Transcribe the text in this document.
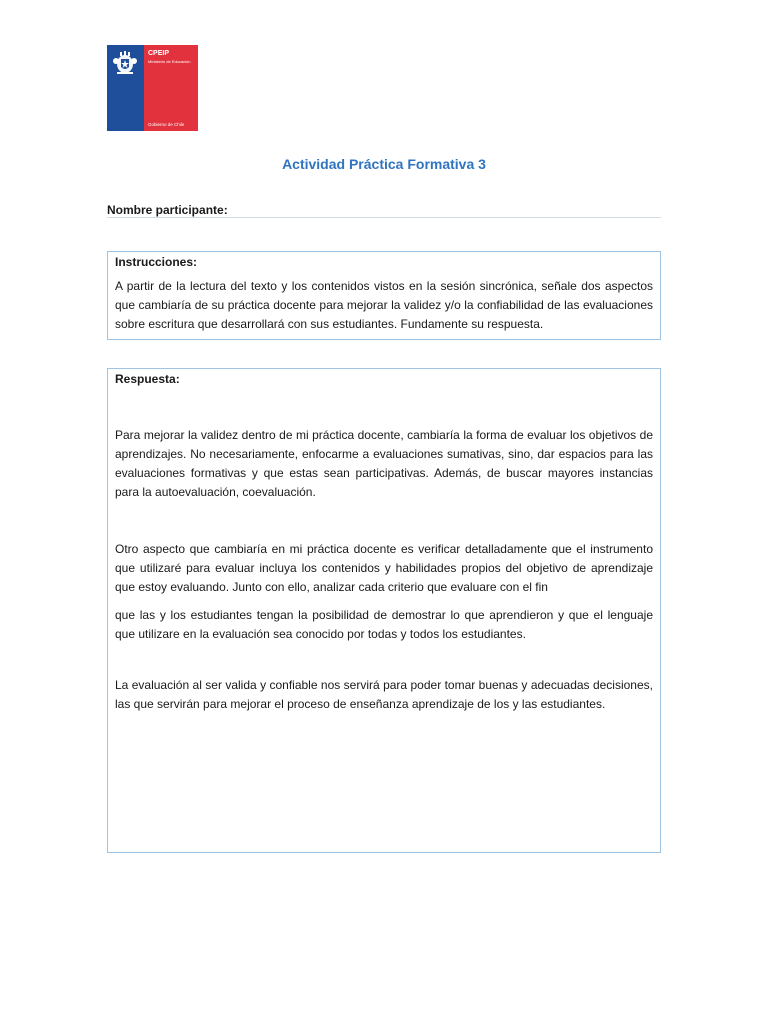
CPEIP
Ministerio de Educación
Gobierno de Chile
Actividad Práctica Formativa 3
Nombre participante:

Instrucciones:

A partir de la lectura del texto y los contenidos vistos en la sesión sincrónica, señale dos aspectos que cambiaría de su práctica docente para mejorar la validez y/o la confiabilidad de las evaluaciones sobre escritura que desarrollará con sus estudiantes. Fundamente su respuesta.

Respuesta:

Para mejorar la validez dentro de mi práctica docente, cambiaría la forma de evaluar los objetivos de aprendizajes. No necesariamente, enfocarme a evaluaciones sumativas, sino, dar espacios para las evaluaciones formativas y que estas sean participativas. Además, de buscar mayores instancias para la autoevaluación, coevaluación.

Otro aspecto que cambiaría en mi práctica docente es verificar detalladamente que el instrumento que utilizaré para evaluar incluya los contenidos y habilidades propios del objetivo de aprendizaje que estoy evaluando. Junto con ello, analizar cada criterio que evaluare con el fin

que las y los estudiantes tengan la posibilidad de demostrar lo que aprendieron y que el lenguaje que utilizare en la evaluación sea conocido por todas y todos los estudiantes.

La evaluación al ser valida y confiable nos servirá para poder tomar buenas y adecuadas decisiones, las que servirán para mejorar el proceso de enseñanza aprendizaje de los y las estudiantes.
